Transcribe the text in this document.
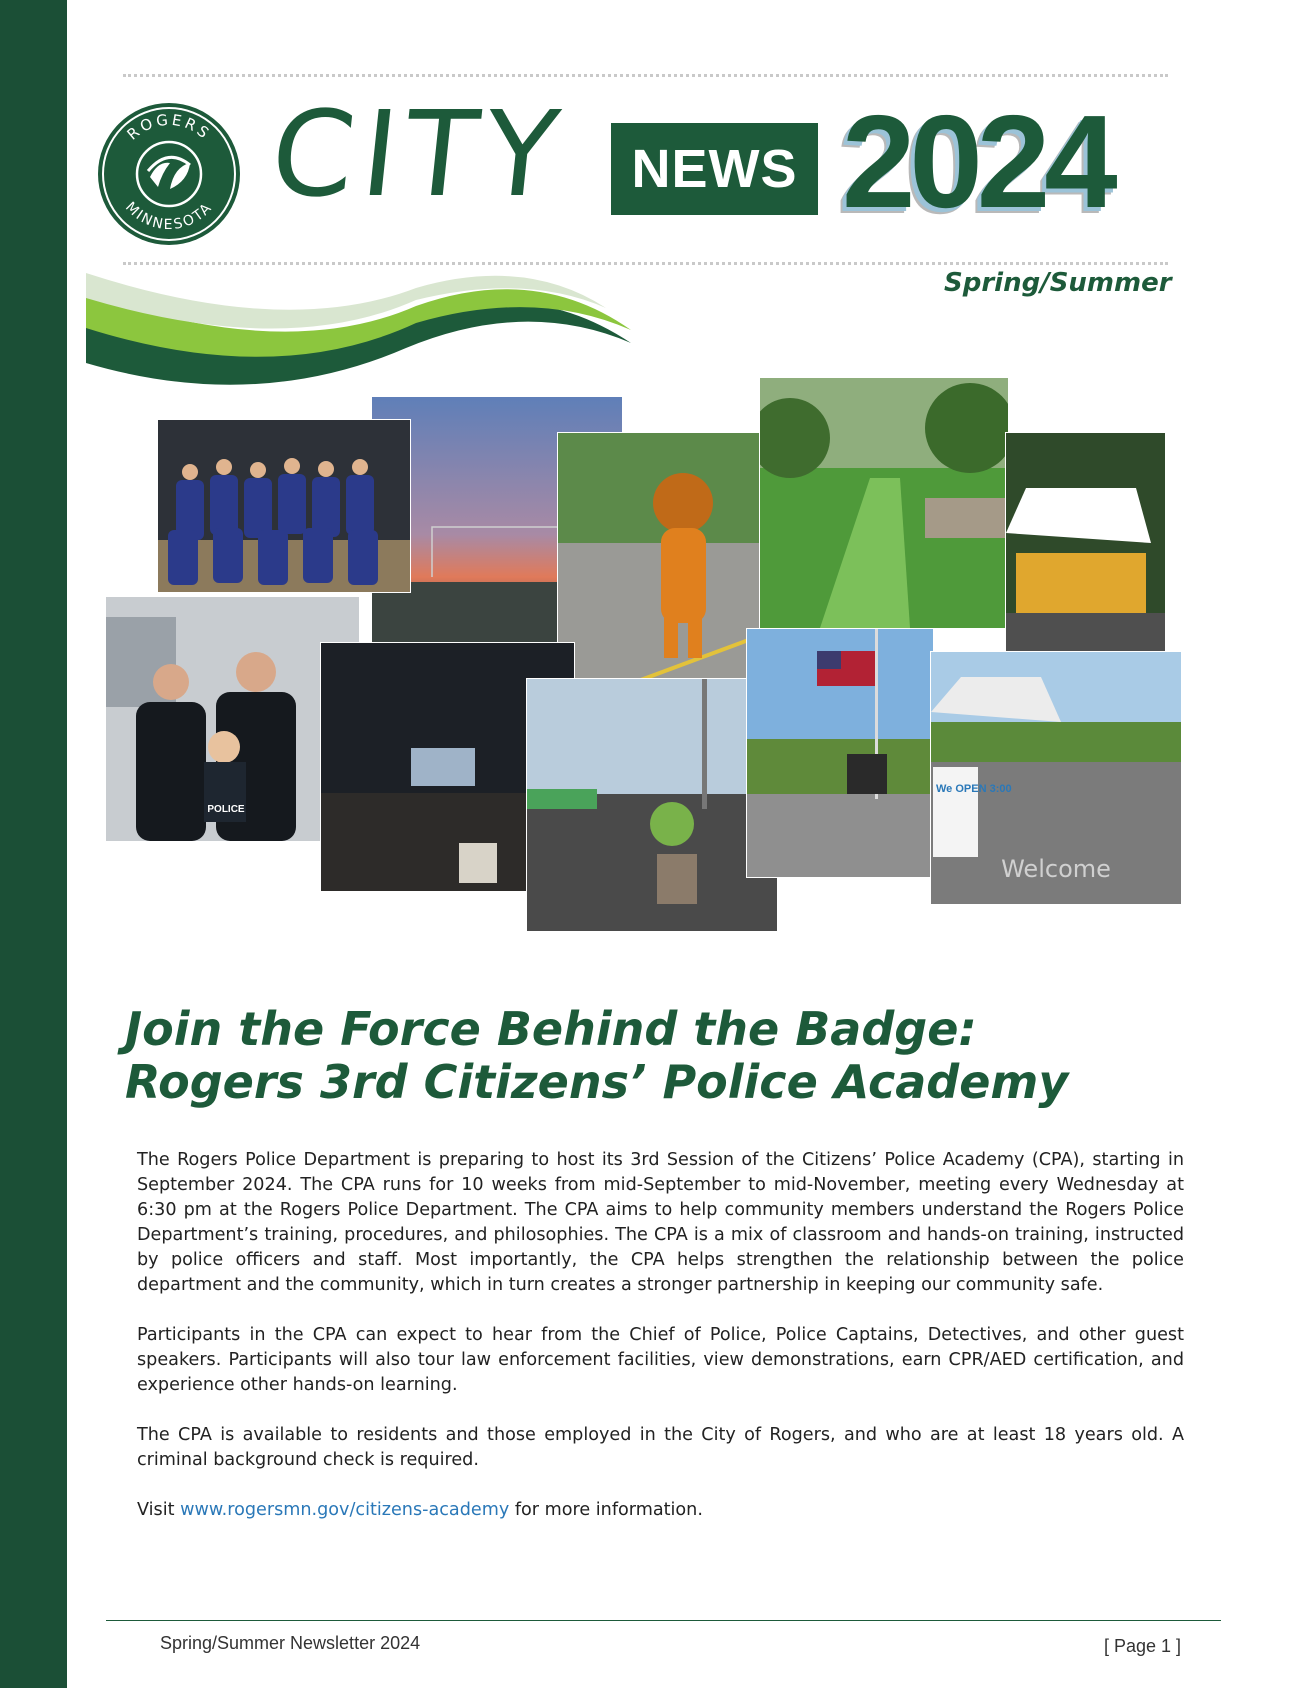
ROGERS
MINNESOTA CITY	NEWS 2024
Spring/Summer
POLICE
We OPEN 3:00
Welcome
Join the Force Behind the Badge:
Rogers 3rd Citizens’ Police Academy

The Rogers Police Department is preparing to host its 3rd Session of the Citizens’ Police Academy (CPA), starting in September 2024. The CPA runs for 10 weeks from mid-September to mid-November, meeting every Wednesday at 6:30 pm at the Rogers Police Department. The CPA aims to help community members understand the Rogers Police Department’s training, procedures, and philosophies. The CPA is a mix of classroom and hands-on training, instructed by police officers and staff. Most importantly, the CPA helps strengthen the relationship between the police department and the community, which in turn creates a stronger partnership in keeping our community safe.

Participants in the CPA can expect to hear from the Chief of Police, Police Captains, Detectives, and other guest speakers. Participants will also tour law enforcement facilities, view demonstrations, earn CPR/AED certification, and experience other hands-on learning.

The CPA is available to residents and those employed in the City of Rogers, and who are at least 18 years old. A criminal background check is required.

Visit www.rogersmn.gov/citizens-academy for more information.

Spring/Summer Newsletter 2024	[ Page 1 ]
